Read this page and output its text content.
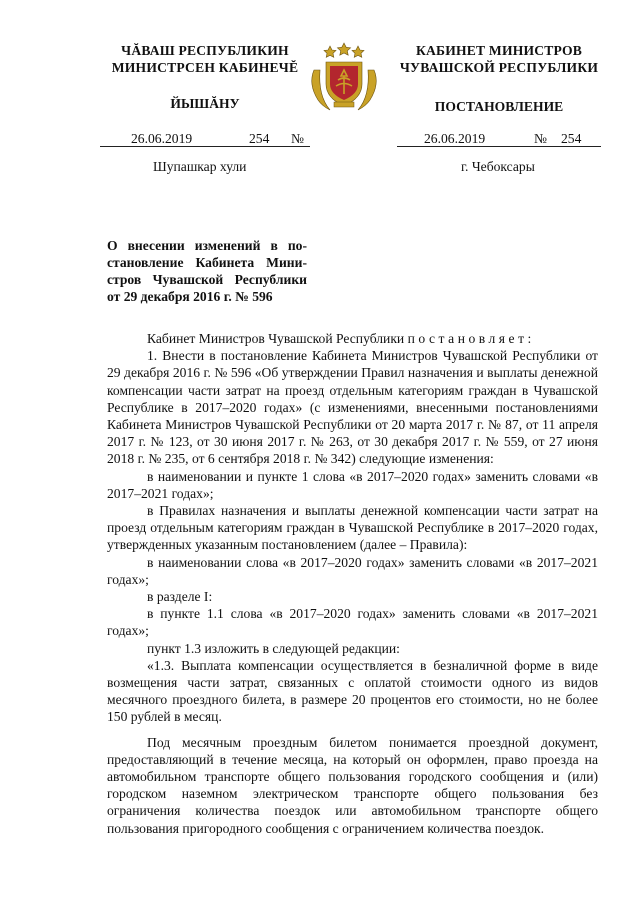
ЧĂВАШ РЕСПУБЛИКИН
МИНИСТРСЕН КАБИНЕЧĔ
ЙЫШĂНУ
КАБИНЕТ МИНИСТРОВ
ЧУВАШСКОЙ РЕСПУБЛИКИ
ПОСТАНОВЛЕНИЕ
26.06.2019	254 №	26.06.2019	№ 254
Шупашкар хули	г. Чебоксары
О внесении изменений в по-
становление Кабинета Мини-
стров Чувашской Республики
от 29 декабря 2016 г. № 596

Кабинет Министров Чувашской Республики постановляет:

1. Внести в постановление Кабинета Министров Чувашской Республики от 29 декабря 2016 г. № 596 «Об утверждении Правил назначения и выплаты денежной компенсации части затрат на проезд отдельным категориям граждан в Чувашской Республике в 2017–2020 годах» (с изменениями, внесенными постановлениями Кабинета Министров Чувашской Республики от 20 марта 2017 г. № 87, от 11 апреля 2017 г. № 123, от 30 июня 2017 г. № 263, от 30 декабря 2017 г. № 559, от 27 июня 2018 г. № 235, от 6 сентября 2018 г. № 342) следующие изменения:

в наименовании и пункте 1 слова «в 2017–2020 годах» заменить словами «в 2017–2021 годах»;

в Правилах назначения и выплаты денежной компенсации части затрат на проезд отдельным категориям граждан в Чувашской Республике в 2017–2020 годах, утвержденных указанным постановлением (далее – Правила):

в наименовании слова «в 2017–2020 годах» заменить словами «в 2017–2021 годах»;

в разделе I:

в пункте 1.1 слова «в 2017–2020 годах» заменить словами «в 2017–2021 годах»;

пункт 1.3 изложить в следующей редакции:

«1.3. Выплата компенсации осуществляется в безналичной форме в виде возмещения части затрат, связанных с оплатой стоимости одного из видов месячного проездного билета, в размере 20 процентов его стоимости, но не более 150 рублей в месяц.

Под месячным проездным билетом понимается проездной документ, предоставляющий в течение месяца, на который он оформлен, право проезда на автомобильном транспорте общего пользования городского сообщения и (или) городском наземном электрическом транспорте общего пользования без ограничения количества поездок или автомобильном транспорте общего пользования пригородного сообщения с ограничением количества поездок.
